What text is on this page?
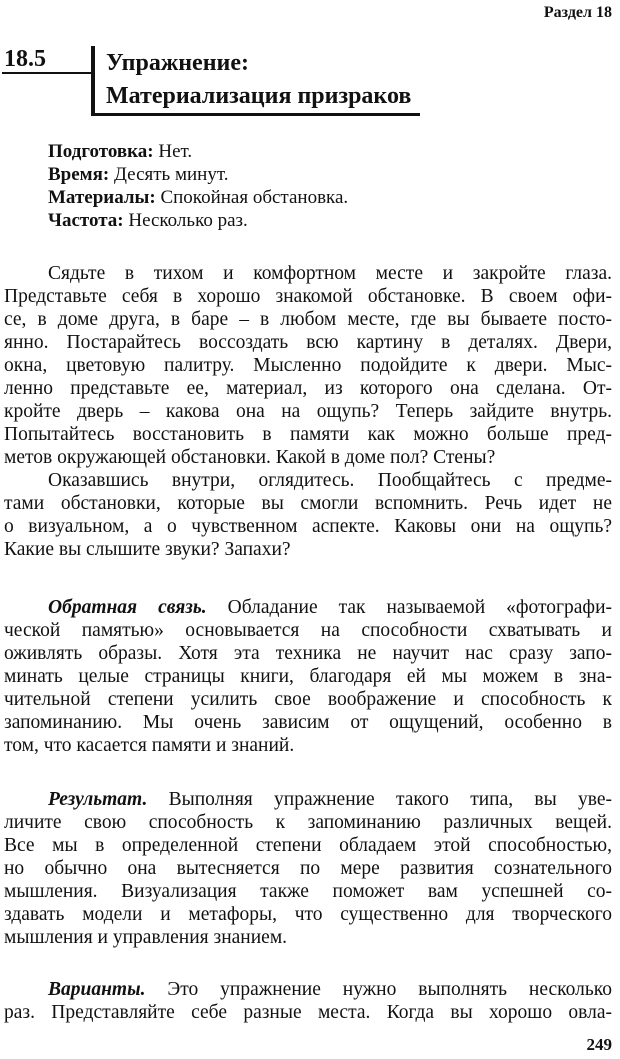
Раздел 18
18.5	Упражнение:
Материализация призраков
Подготовка: Нет.
Время: Десять минут.
Материалы: Спокойная обстановка.
Частота: Несколько раз.
Сядьте в тихом и комфортном месте и закройте глаза.
Представьте себя в хорошо знакомой обстановке. В своем офи-
се, в доме друга, в баре – в любом месте, где вы бываете посто-
янно. Постарайтесь воссоздать всю картину в деталях. Двери,
окна, цветовую палитру. Мысленно подойдите к двери. Мыс-
ленно представьте ее, материал, из которого она сделана. От-
кройте дверь – какова она на ощупь? Теперь зайдите внутрь.
Попытайтесь восстановить в памяти как можно больше пред-
метов окружающей обстановки. Какой в доме пол? Стены?
Оказавшись внутри, оглядитесь. Пообщайтесь с предме-
тами обстановки, которые вы смогли вспомнить. Речь идет не
о визуальном, а о чувственном аспекте. Каковы они на ощупь?
Какие вы слышите звуки? Запахи?
Обратная связь. Обладание так называемой «фотографи-
ческой памятью» основывается на способности схватывать и
оживлять образы. Хотя эта техника не научит нас сразу запо-
минать целые страницы книги, благодаря ей мы можем в зна-
чительной степени усилить свое воображение и способность к
запоминанию. Мы очень зависим от ощущений, особенно в
том, что касается памяти и знаний.
Результат. Выполняя упражнение такого типа, вы уве-
личите свою способность к запоминанию различных вещей.
Все мы в определенной степени обладаем этой способностью,
но обычно она вытесняется по мере развития сознательного
мышления. Визуализация также поможет вам успешней со-
здавать модели и метафоры, что существенно для творческого
мышления и управления знанием.
Варианты. Это упражнение нужно выполнять несколько
раз. Представляйте себе разные места. Когда вы хорошо овла-
249
